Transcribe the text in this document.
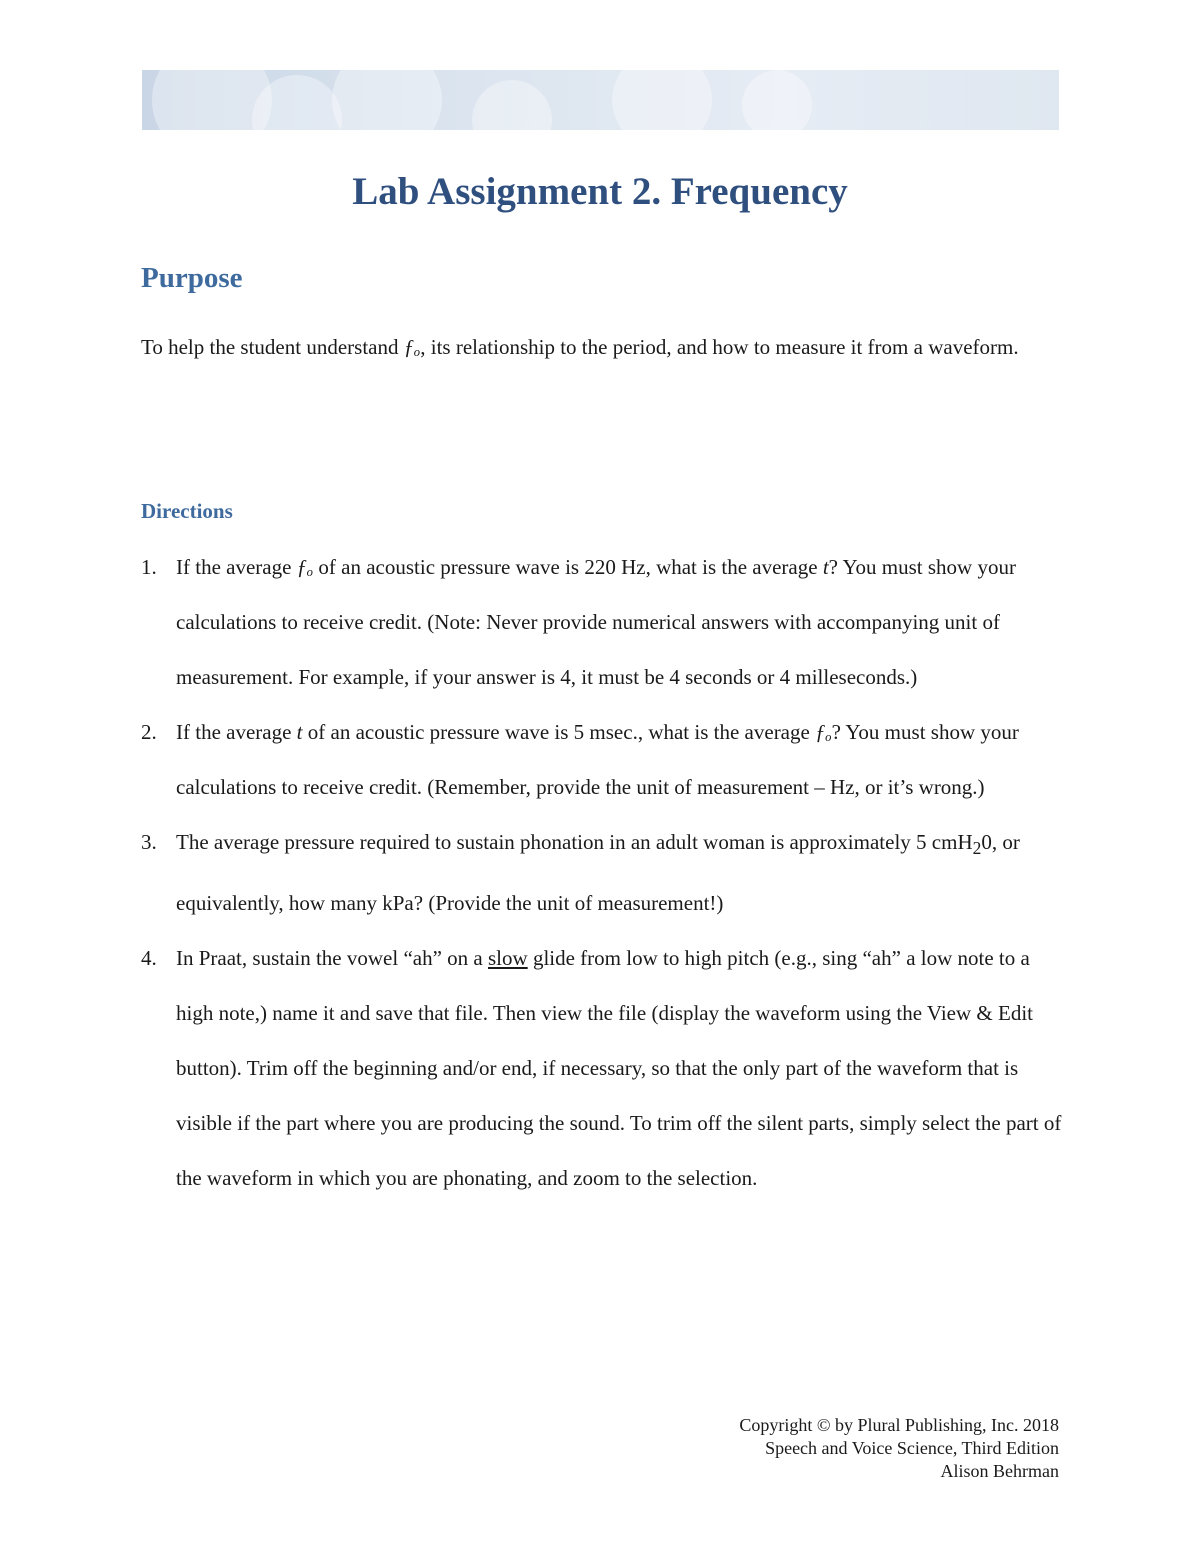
Lab Assignment 2. Frequency
Purpose

To help the student understand ƒₒ, its relationship to the period, and how to measure it from a waveform.

Directions
1. If the average ƒₒ of an acoustic pressure wave is 220 Hz, what is the average t? You must show your calculations to receive credit. (Note: Never provide numerical answers with accompanying unit of measurement. For example, if your answer is 4, it must be 4 seconds or 4 milleseconds.)
2. If the average t of an acoustic pressure wave is 5 msec., what is the average ƒₒ? You must show your calculations to receive credit. (Remember, provide the unit of measurement – Hz, or it’s wrong.)
3. The average pressure required to sustain phonation in an adult woman is approximately 5 cmH$_2$0, or equivalently, how many kPa? (Provide the unit of measurement!)
4. In Praat, sustain the vowel “ah” on a slow glide from low to high pitch (e.g., sing “ah” a low note to a high note,) name it and save that file. Then view the file (display the waveform using the View & Edit button). Trim off the beginning and/or end, if necessary, so that the only part of the waveform that is visible if the part where you are producing the sound. To trim off the silent parts, simply select the part of the waveform in which you are phonating, and zoom to the selection.
Copyright © by Plural Publishing, Inc. 2018
Speech and Voice Science, Third Edition
Alison Behrman
